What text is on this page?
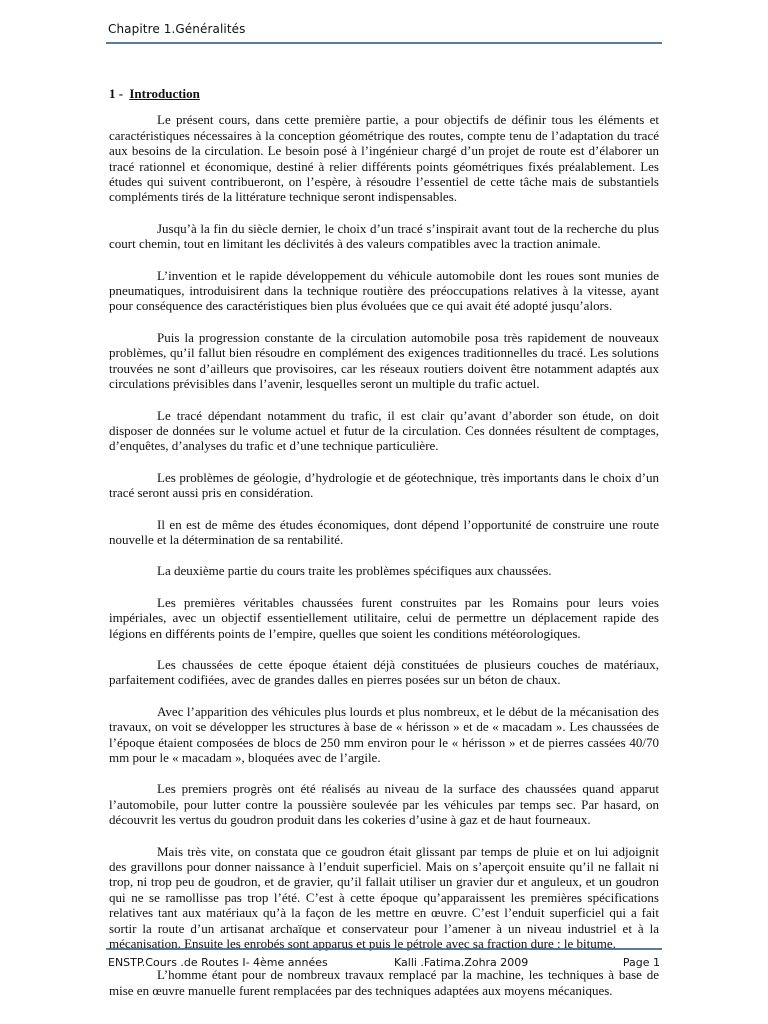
Chapitre 1.Généralités
1 - Introduction

Le présent cours, dans cette première partie, a pour objectifs de définir tous les éléments et caractéristiques nécessaires à la conception géométrique des routes, compte tenu de l’adaptation du tracé aux besoins de la circulation. Le besoin posé à l’ingénieur chargé d’un projet de route est d’élaborer un tracé rationnel et économique, destiné à relier différents points géométriques fixés préalablement. Les études qui suivent contribueront, on l’espère, à résoudre l’essentiel de cette tâche mais de substantiels compléments tirés de la littérature technique seront indispensables.

Jusqu’à la fin du siècle dernier, le choix d’un tracé s’inspirait avant tout de la recherche du plus court chemin, tout en limitant les déclivités à des valeurs compatibles avec la traction animale.

L’invention et le rapide développement du véhicule automobile dont les roues sont munies de pneumatiques, introduisirent dans la technique routière des préoccupations relatives à la vitesse, ayant pour conséquence des caractéristiques bien plus évoluées que ce qui avait été adopté jusqu’alors.

Puis la progression constante de la circulation automobile posa très rapidement de nouveaux problèmes, qu’il fallut bien résoudre en complément des exigences traditionnelles du tracé. Les solutions trouvées ne sont d’ailleurs que provisoires, car les réseaux routiers doivent être notamment adaptés aux circulations prévisibles dans l’avenir, lesquelles seront un multiple du trafic actuel.

Le tracé dépendant notamment du trafic, il est clair qu’avant d’aborder son étude, on doit disposer de données sur le volume actuel et futur de la circulation. Ces données résultent de comptages, d’enquêtes, d’analyses du trafic et d’une technique particulière.

Les problèmes de géologie, d’hydrologie et de géotechnique, très importants dans le choix d’un tracé seront aussi pris en considération.

Il en est de même des études économiques, dont dépend l’opportunité de construire une route nouvelle et la détermination de sa rentabilité.

La deuxième partie du cours traite les problèmes spécifiques aux chaussées.

Les premières véritables chaussées furent construites par les Romains pour leurs voies impériales, avec un objectif essentiellement utilitaire, celui de permettre un déplacement rapide des légions en différents points de l’empire, quelles que soient les conditions météorologiques.

Les chaussées de cette époque étaient déjà constituées de plusieurs couches de matériaux, parfaitement codifiées, avec de grandes dalles en pierres posées sur un béton de chaux.

Avec l’apparition des véhicules plus lourds et plus nombreux, et le début de la mécanisation des travaux, on voit se développer les structures à base de « hérisson » et de « macadam ». Les chaussées de l’époque étaient composées de blocs de 250 mm environ pour le « hérisson » et de pierres cassées 40/70 mm pour le « macadam », bloquées avec de l’argile.

Les premiers progrès ont été réalisés au niveau de la surface des chaussées quand apparut l’automobile, pour lutter contre la poussière soulevée par les véhicules par temps sec. Par hasard, on découvrit les vertus du goudron produit dans les cokeries d’usine à gaz et de haut fourneaux.

Mais très vite, on constata que ce goudron était glissant par temps de pluie et on lui adjoignit des gravillons pour donner naissance à l’enduit superficiel. Mais on s’aperçoit ensuite qu’il ne fallait ni trop, ni trop peu de goudron, et de gravier, qu’il fallait utiliser un gravier dur et anguleux, et un goudron qui ne se ramollisse pas trop l’été. C’est à cette époque qu’apparaissent les premières spécifications relatives tant aux matériaux qu’à la façon de les mettre en œuvre. C’est l’enduit superficiel qui a fait sortir la route d’un artisanat archaïque et conservateur pour l’amener à un niveau industriel et à la mécanisation. Ensuite les enrobés sont apparus et puis le pétrole avec sa fraction dure : le bitume.

L’homme étant pour de nombreux travaux remplacé par la machine, les techniques à base de mise en œuvre manuelle furent remplacées par des techniques adaptées aux moyens mécaniques.

ENSTP.Cours .de Routes I- 4ème années	Kalli .Fatima.Zohra 2009	Page 1
